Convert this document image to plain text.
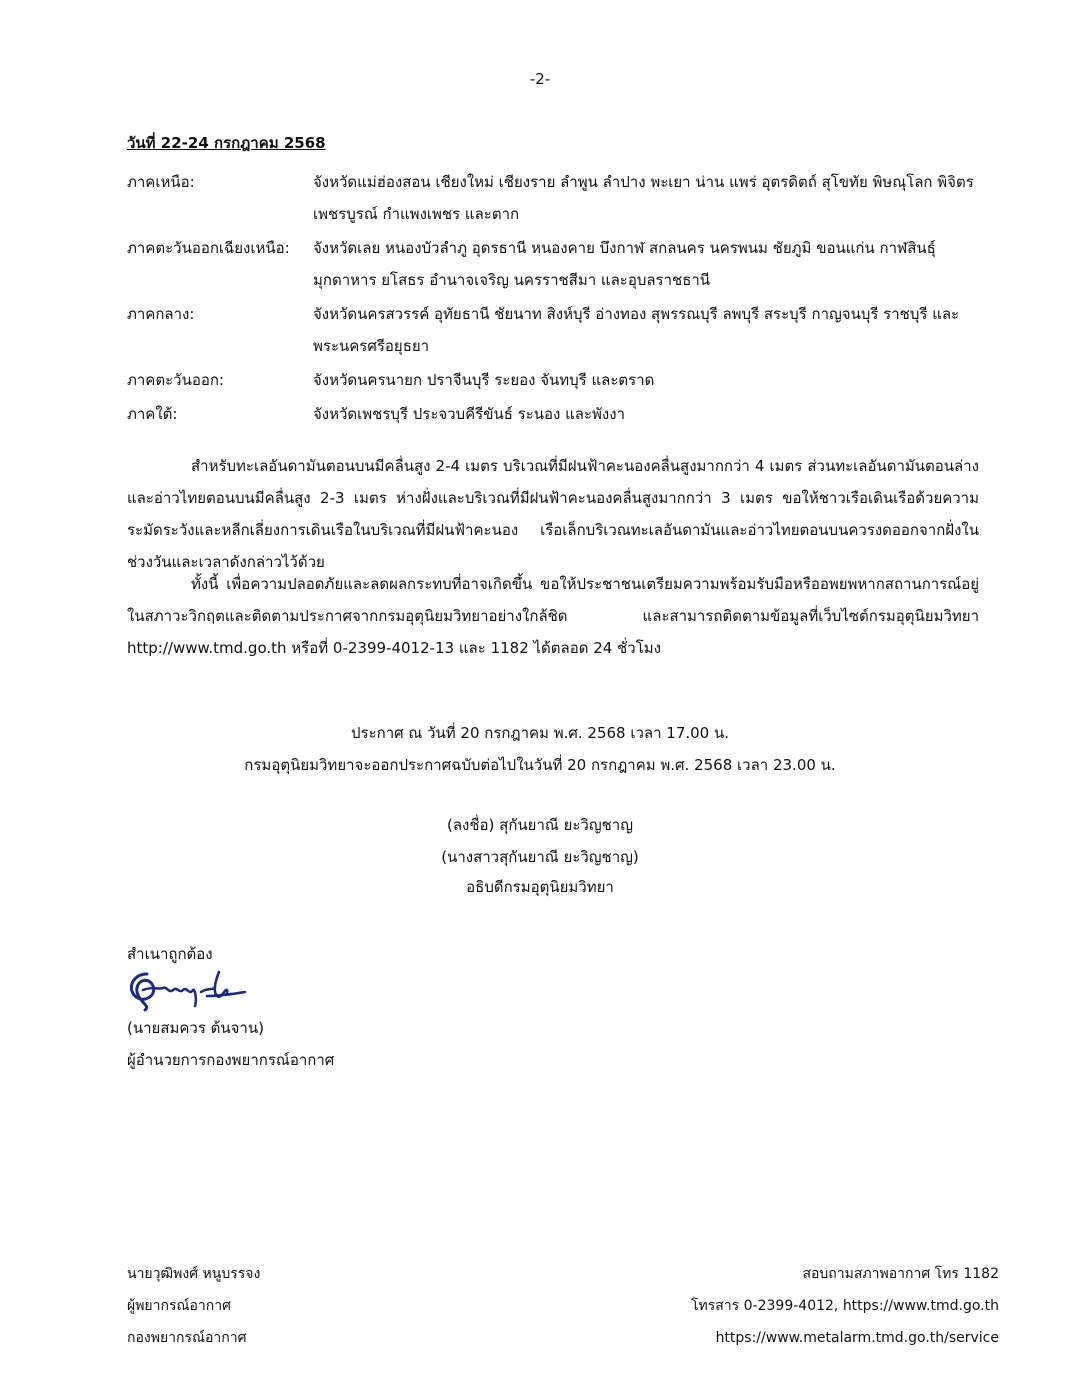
-2-
วันที่ 22-24 กรกฎาคม 2568
ภาคเหนือ:	จังหวัดแม่ฮ่องสอน เชียงใหม่ เชียงราย ลำพูน ลำปาง พะเยา น่าน แพร่ อุตรดิตถ์ สุโขทัย พิษณุโลก พิจิตร เพชรบูรณ์ กำแพงเพชร และตาก
ภาคตะวันออกเฉียงเหนือ:	จังหวัดเลย หนองบัวลำภู อุดรธานี หนองคาย บึงกาฬ สกลนคร นครพนม ชัยภูมิ ขอนแก่น กาฬสินธุ์ มุกดาหาร ยโสธร อำนาจเจริญ นครราชสีมา และอุบลราชธานี
ภาคกลาง:	จังหวัดนครสวรรค์ อุทัยธานี ชัยนาท สิงห์บุรี อ่างทอง สุพรรณบุรี ลพบุรี สระบุรี กาญจนบุรี ราชบุรี และพระนครศรีอยุธยา
ภาคตะวันออก:	จังหวัดนครนายก ปราจีนบุรี ระยอง จันทบุรี และตราด
ภาคใต้:	จังหวัดเพชรบุรี ประจวบคีรีขันธ์ ระนอง และพังงา

สำหรับทะเลอันดามันตอนบนมีคลื่นสูง 2-4 เมตร บริเวณที่มีฝนฟ้าคะนองคลื่นสูงมากกว่า 4 เมตร ส่วนทะเลอันดามันตอนล่างและอ่าวไทยตอนบนมีคลื่นสูง 2-3 เมตร ห่างฝั่งและบริเวณที่มีฝนฟ้าคะนองคลื่นสูงมากกว่า 3 เมตร ขอให้ชาวเรือเดินเรือด้วยความระมัดระวังและหลีกเลี่ยงการเดินเรือในบริเวณที่มีฝนฟ้าคะนอง เรือเล็กบริเวณทะเลอันดามันและอ่าวไทยตอนบนควรงดออกจากฝั่งในช่วงวันและเวลาดังกล่าวไว้ด้วย

ทั้งนี้ เพื่อความปลอดภัยและลดผลกระทบที่อาจเกิดขึ้น ขอให้ประชาชนเตรียมความพร้อมรับมือหรืออพยพหากสถานการณ์อยู่ในสภาวะวิกฤตและติดตามประกาศจากกรมอุตุนิยมวิทยาอย่างใกล้ชิด และสามารถติดตามข้อมูลที่เว็บไซต์กรมอุตุนิยมวิทยา http://www.tmd.go.th หรือที่ 0-2399-4012-13 และ 1182 ได้ตลอด 24 ชั่วโมง

ประกาศ ณ วันที่ 20 กรกฎาคม พ.ศ. 2568 เวลา 17.00 น.
กรมอุตุนิยมวิทยาจะออกประกาศฉบับต่อไปในวันที่ 20 กรกฎาคม พ.ศ. 2568 เวลา 23.00 น.
(ลงชื่อ) สุกันยาณี ยะวิญชาญ
(นางสาวสุกันยาณี ยะวิญชาญ)
อธิบดีกรมอุตุนิยมวิทยา
สำเนาถูกต้อง
(นายสมควร ต้นจาน)
ผู้อำนวยการกองพยากรณ์อากาศ
นายวุฒิพงศ์ หนูบรรจง
ผู้พยากรณ์อากาศ
กองพยากรณ์อากาศ
สอบถามสภาพอากาศ โทร 1182
โทรสาร 0-2399-4012, https://www.tmd.go.th
https://www.metalarm.tmd.go.th/service
